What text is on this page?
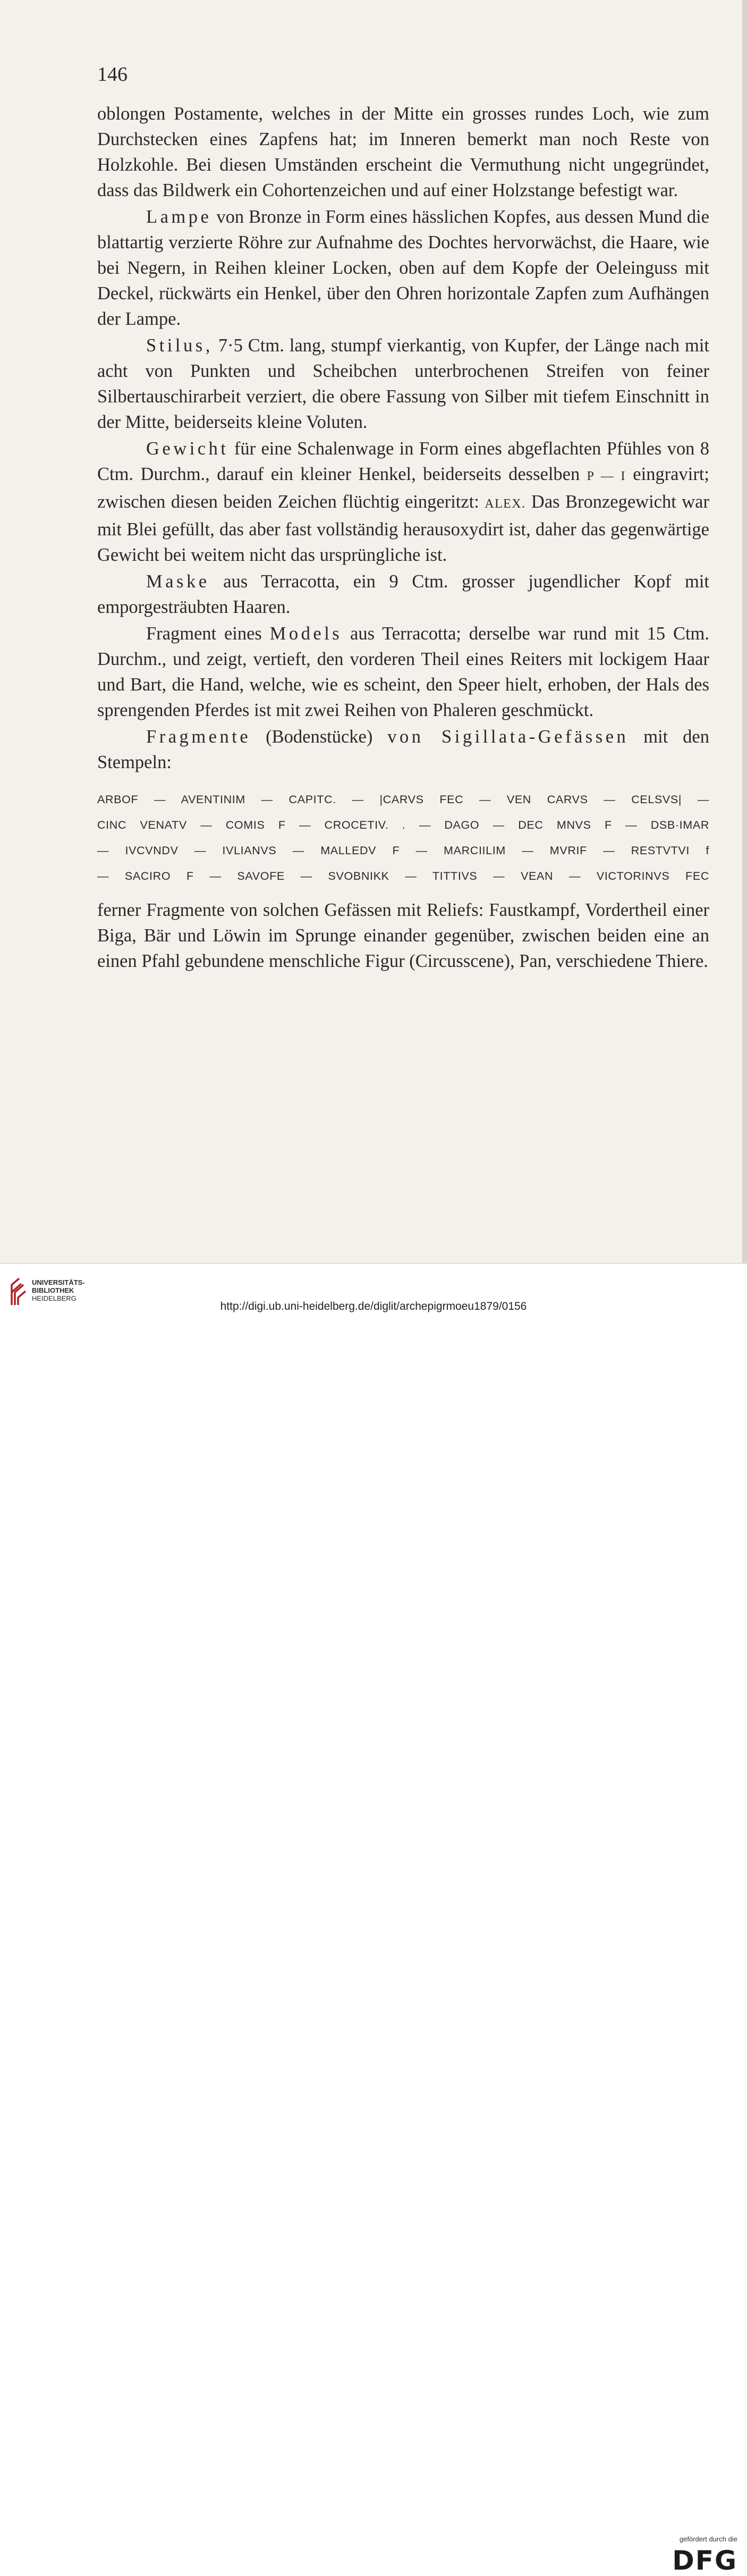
146

oblongen Postamente, welches in der Mitte ein grosses rundes Loch, wie zum Durchstecken eines Zapfens hat; im Inneren bemerkt man noch Reste von Holzkohle. Bei diesen Umständen erscheint die Vermuthung nicht ungegründet, dass das Bildwerk ein Cohortenzeichen und auf einer Holzstange befestigt war.

Lampe von Bronze in Form eines hässlichen Kopfes, aus dessen Mund die blattartig verzierte Röhre zur Aufnahme des Dochtes hervorwächst, die Haare, wie bei Negern, in Reihen kleiner Locken, oben auf dem Kopfe der Oeleinguss mit Deckel, rückwärts ein Henkel, über den Ohren horizontale Zapfen zum Aufhängen der Lampe.

Stilus, 7·5 Ctm. lang, stumpf vierkantig, von Kupfer, der Länge nach mit acht von Punkten und Scheibchen unterbrochenen Streifen von feiner Silbertauschirarbeit verziert, die obere Fassung von Silber mit tiefem Einschnitt in der Mitte, beiderseits kleine Voluten.

Gewicht für eine Schalenwage in Form eines abgeflachten Pfühles von 8 Ctm. Durchm., darauf ein kleiner Henkel, beiderseits desselben P — I eingravirt; zwischen diesen beiden Zeichen flüchtig eingeritzt: ALEX. Das Bronzegewicht war mit Blei gefüllt, das aber fast vollständig herausoxydirt ist, daher das gegenwärtige Gewicht bei weitem nicht das ursprüngliche ist.

Maske aus Terracotta, ein 9 Ctm. grosser jugendlicher Kopf mit emporgesträubten Haaren.

Fragment eines Models aus Terracotta; derselbe war rund mit 15 Ctm. Durchm., und zeigt, vertieft, den vorderen Theil eines Reiters mit lockigem Haar und Bart, die Hand, welche, wie es scheint, den Speer hielt, erhoben, der Hals des sprengenden Pferdes ist mit zwei Reihen von Phaleren geschmückt.

Fragmente (Bodenstücke) von Sigillata-Gefässen mit den Stempeln:

ARBOF — AVENTINIM — CAPITC. — |CARVS FEC — VEN CARVS — CELSVS| —
CINC VENATV — COMIS F — CROCETIV. . — DAGO — DEC MNVS F — DSB·IMAR
— IVCVNDV — IVLIANVS — MALLEDV F — MARCIILIM — MVRIF — RESTVTVI f
— SACIRO F — SAVOFE — SVOBNIKK — TITTIVS — VEAN — VICTORINVS FEC

ferner Fragmente von solchen Gefässen mit Reliefs: Faustkampf, Vordertheil einer Biga, Bär und Löwin im Sprunge einander gegenüber, zwischen beiden eine an einen Pfahl gebundene menschliche Figur (Circusscene), Pan, verschiedene Thiere.

UNIVERSITÄTS-
BIBLIOTHEK
HEIDELBERG
gefördert durch die
DFG
http://digi.ub.uni-heidelberg.de/diglit/archepigrmoeu1879/0156
